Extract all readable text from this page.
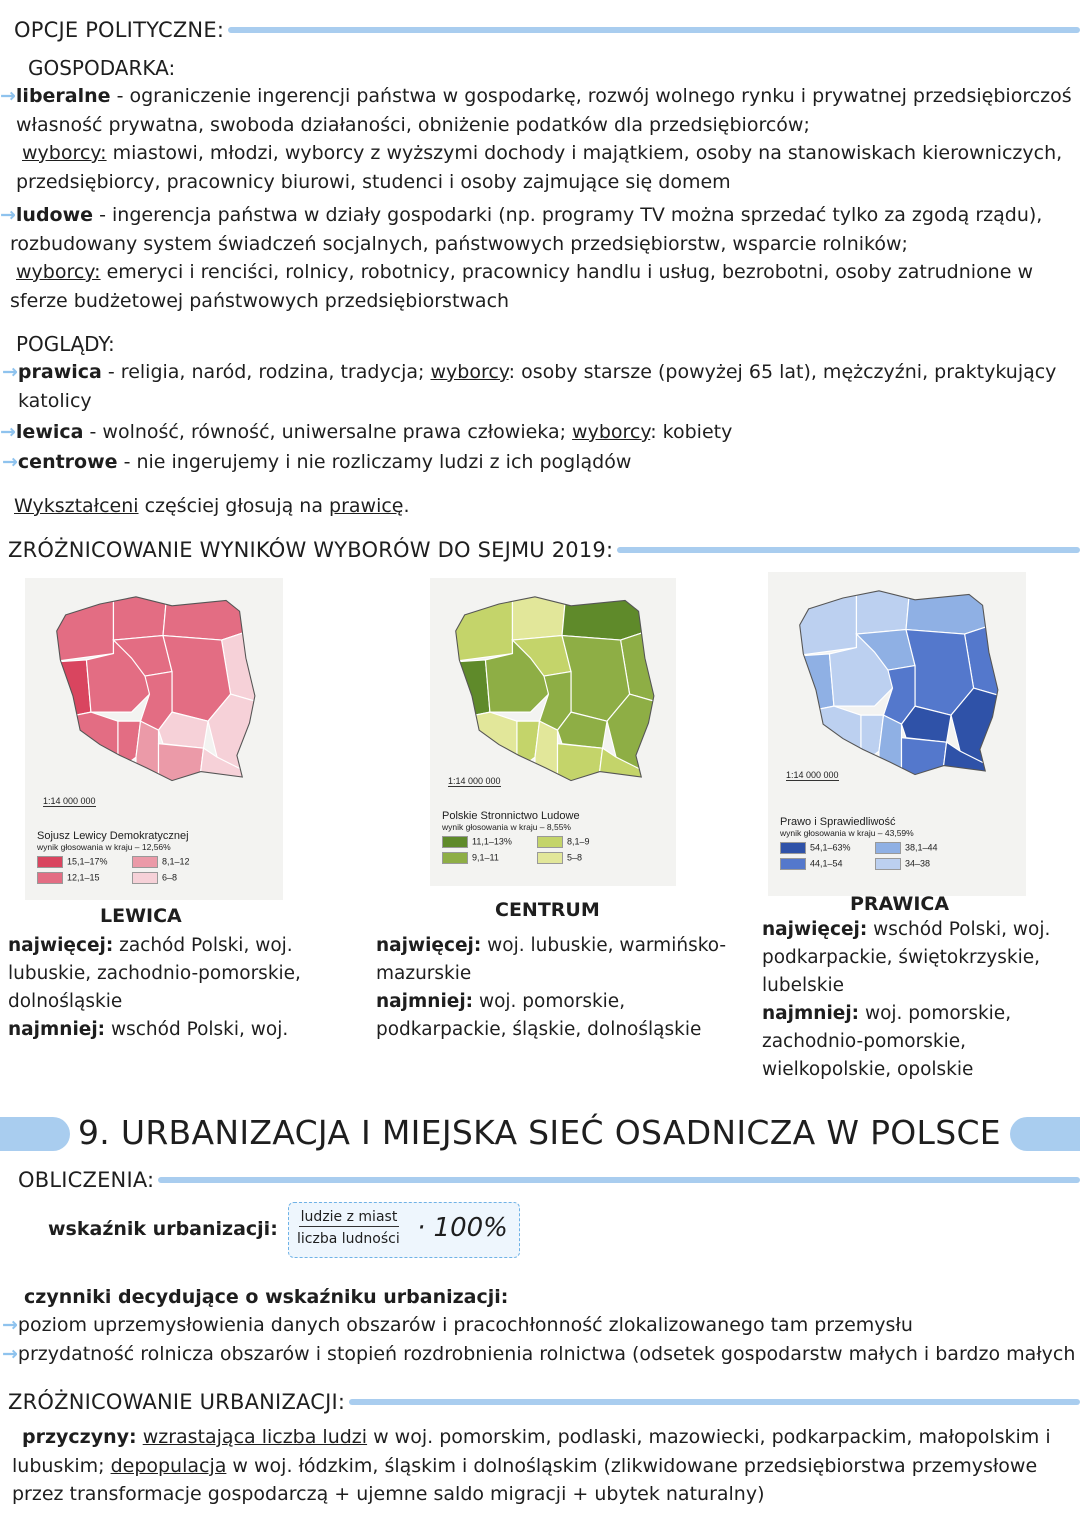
OPCJE POLITYCZNE:
GOSPODARKA:
→liberalne - ograniczenie ingerencji państwa w gospodarkę, rozwój wolnego rynku i prywatnej przedsiębiorczoś
własność prywatna, swoboda działaności, obniżenie podatków dla przedsiębiorców;
wyborcy: miastowi, młodzi, wyborcy z wyższymi dochody i majątkiem, osoby na stanowiskach kierowniczych,
przedsiębiorcy, pracownicy biurowi, studenci i osoby zajmujące się domem
→ludowe - ingerencja państwa w działy gospodarki (np. programy TV można sprzedać tylko za zgodą rządu),
rozbudowany system świadczeń socjalnych, państwowych przedsiębiorstw, wsparcie rolników;
wyborcy: emeryci i renciści, rolnicy, robotnicy, pracownicy handlu i usług, bezrobotni, osoby zatrudnione w
sferze budżetowej państwowych przedsiębiorstwach
POGLĄDY:
→prawica - religia, naród, rodzina, tradycja; wyborcy: osoby starsze (powyżej 65 lat), mężczyźni, praktykujący
katolicy
→lewica - wolność, równość, uniwersalne prawa człowieka; wyborcy: kobiety
→centrowe - nie ingerujemy i nie rozliczamy ludzi z ich poglądów
Wykształceni częściej głosują na prawicę.
ZRÓŻNICOWANIE WYNIKÓW WYBORÓW DO SEJMU 2019:
1:14 000 000
Sojusz Lewicy Demokratycznej
wynik głosowania w kraju – 12,56%
15,1–17%	8,1–12
12,1–15	6–8
LEWICA
najwięcej: zachód Polski, woj. lubuskie, zachodnio-pomorskie, dolnośląskie
najmniej: wschód Polski, woj.
1:14 000 000
Polskie Stronnictwo Ludowe
wynik głosowania w kraju – 8,55%
11,1–13%	8,1–9
9,1–11	5–8
CENTRUM
najwięcej: woj. lubuskie, warmińsko-mazurskie
najmniej: woj. pomorskie, podkarpackie, śląskie, dolnośląskie
1:14 000 000
Prawo i Sprawiedliwość
wynik głosowania w kraju – 43,59%
54,1–63%	38,1–44
44,1–54	34–38
PRAWICA
najwięcej: wschód Polski, woj. podkarpackie, świętokrzyskie, lubelskie
najmniej: woj. pomorskie, zachodnio-pomorskie, wielkopolskie, opolskie
9. URBANIZACJA I MIEJSKA SIEĆ OSADNICZA W POLSCE
OBLICZENIA:
wskaźnik urbanizacji:
ludzie z miast
liczba ludności · 100%
czynniki decydujące o wskaźniku urbanizacji:
→poziom uprzemysłowienia danych obszarów i pracochłonność zlokalizowanego tam przemysłu
→przydatność rolnicza obszarów i stopień rozdrobnienia rolnictwa (odsetek gospodarstw małych i bardzo małych
ZRÓŻNICOWANIE URBANIZACJI:
przyczyny: wzrastająca liczba ludzi w woj. pomorskim, podlaski, mazowiecki, podkarpackim, małopolskim i
lubuskim; depopulacja w woj. łódzkim, śląskim i dolnośląskim (zlikwidowane przedsiębiorstwa przemysłowe
przez transformacje gospodarczą + ujemne saldo migracji + ubytek naturalny)
